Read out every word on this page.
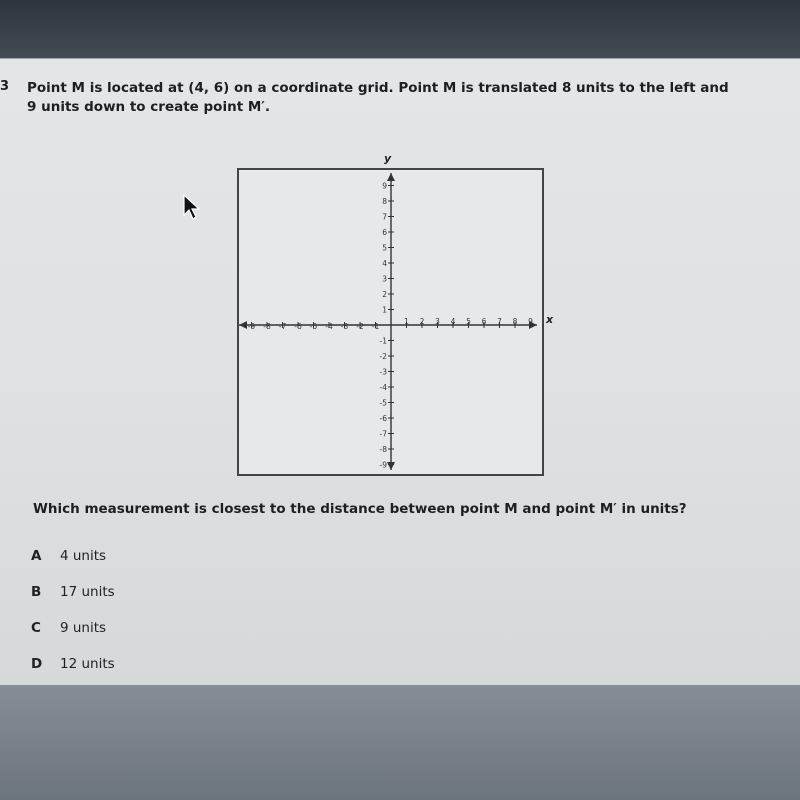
3 Point M is located at (4, 6) on a coordinate grid. Point M is translated 8 units to the left and
9 units down to create point M′.
-9 -8 -7 -6 -5 -4 -3 -2 -1
1 2 3 4 5 6 7 8 9
9
8
7
6
5
4
3
2
1
-1
-2
-3
-4
-5
-6
-7
-8
-9
Which measurement is closest to the distance between point M and point M′ in units?
A 4 units
B 17 units
C 9 units
D 12 units
x
y
